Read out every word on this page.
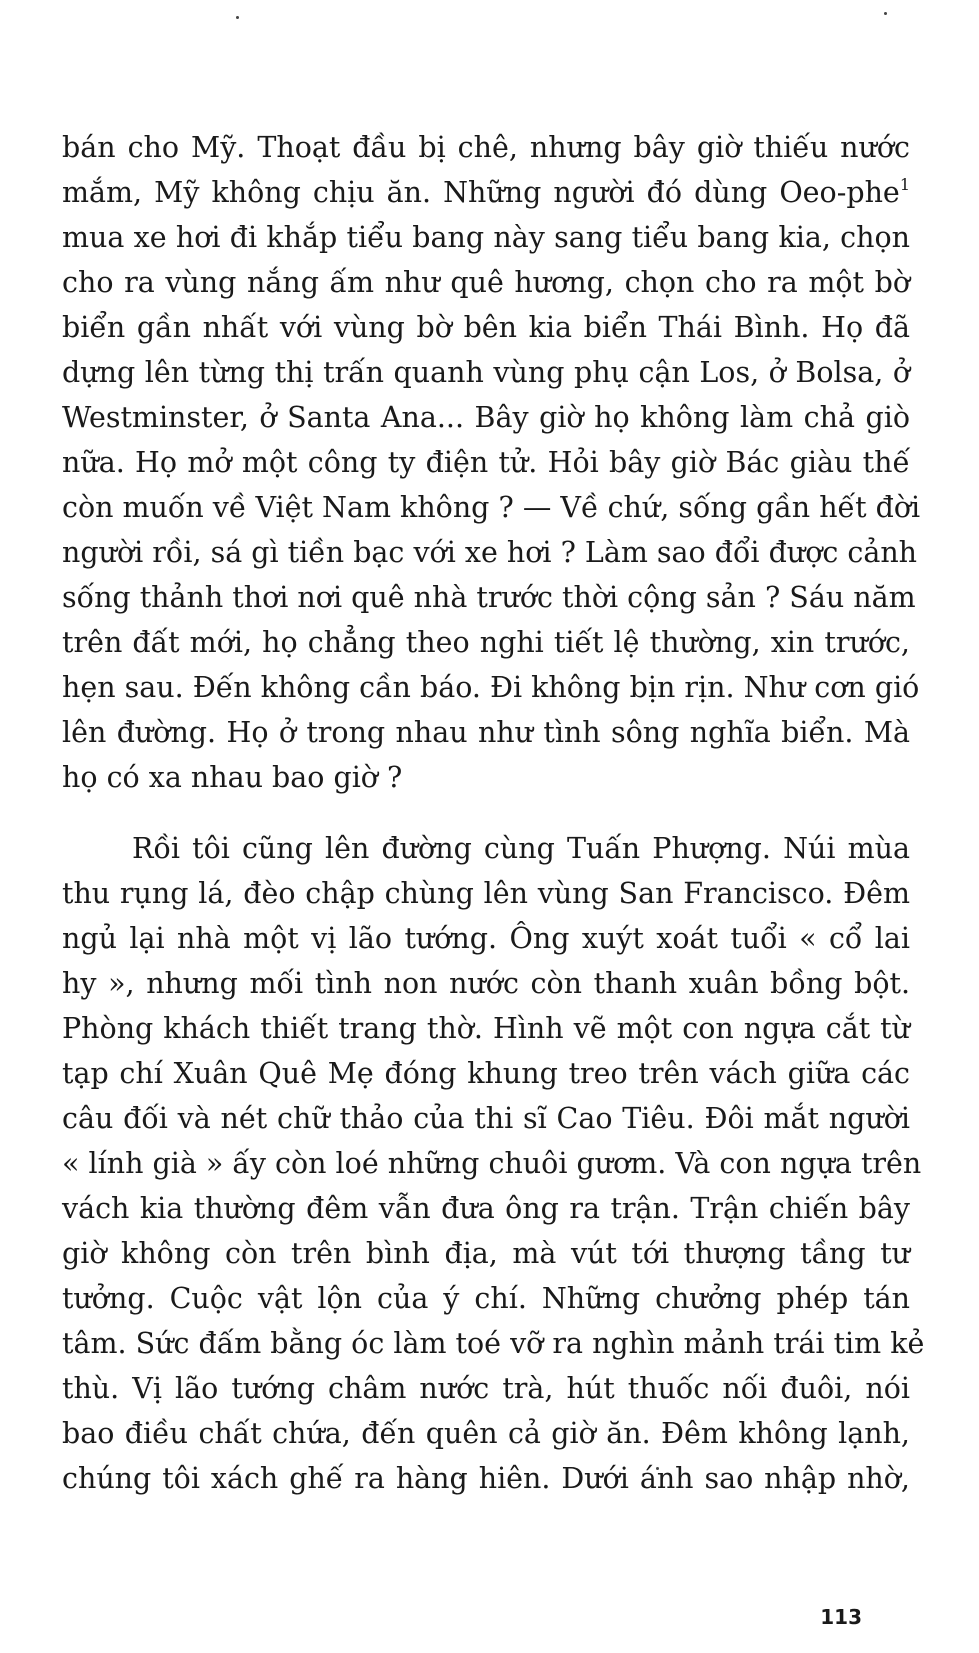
bán cho Mỹ. Thoạt đầu bị chê, nhưng bây giờ thiếu nước
mắm, Mỹ không chịu ăn. Những người đó dùng Oeo-phe$^1$
mua xe hơi đi khắp tiểu bang này sang tiểu bang kia, chọn
cho ra vùng nắng ấm như quê hương, chọn cho ra một bờ
biển gần nhất với vùng bờ bên kia biển Thái Bình. Họ đã
dựng lên từng thị trấn quanh vùng phụ cận Los, ở Bolsa, ở
Westminster, ở Santa Ana... Bây giờ họ không làm chả giò
nữa. Họ mở một công ty điện tử. Hỏi bây giờ Bác giàu thế
còn muốn về Việt Nam không ? — Về chứ, sống gần hết đời
người rồi, sá gì tiền bạc với xe hơi ? Làm sao đổi được cảnh
sống thảnh thơi nơi quê nhà trước thời cộng sản ? Sáu năm
trên đất mới, họ chẳng theo nghi tiết lệ thường, xin trước,
hẹn sau. Đến không cần báo. Đi không bịn rịn. Như cơn gió
lên đường. Họ ở trong nhau như tình sông nghĩa biển. Mà
họ có xa nhau bao giờ ?
Rồi tôi cũng lên đường cùng Tuấn Phượng. Núi mùa
thu rụng lá, đèo chập chùng lên vùng San Francisco. Đêm
ngủ lại nhà một vị lão tướng. Ông xuýt xoát tuổi « cổ lai
hy », nhưng mối tình non nước còn thanh xuân bồng bột.
Phòng khách thiết trang thờ. Hình vẽ một con ngựa cắt từ
tạp chí Xuân Quê Mẹ đóng khung treo trên vách giữa các
câu đối và nét chữ thảo của thi sĩ Cao Tiêu. Đôi mắt người
« lính già » ấy còn loé những chuôi gươm. Và con ngựa trên
vách kia thường đêm vẫn đưa ông ra trận. Trận chiến bây
giờ không còn trên bình địa, mà vút tới thượng tầng tư
tưởng. Cuộc vật lộn của ý chí. Những chưởng phép tán
tâm. Sức đấm bằng óc làm toé vỡ ra nghìn mảnh trái tim kẻ
thù. Vị lão tướng châm nước trà, hút thuốc nối đuôi, nói
bao điều chất chứa, đến quên cả giờ ăn. Đêm không lạnh,
chúng tôi xách ghế ra hàng hiên. Dưới ánh sao nhập nhờ,
113
